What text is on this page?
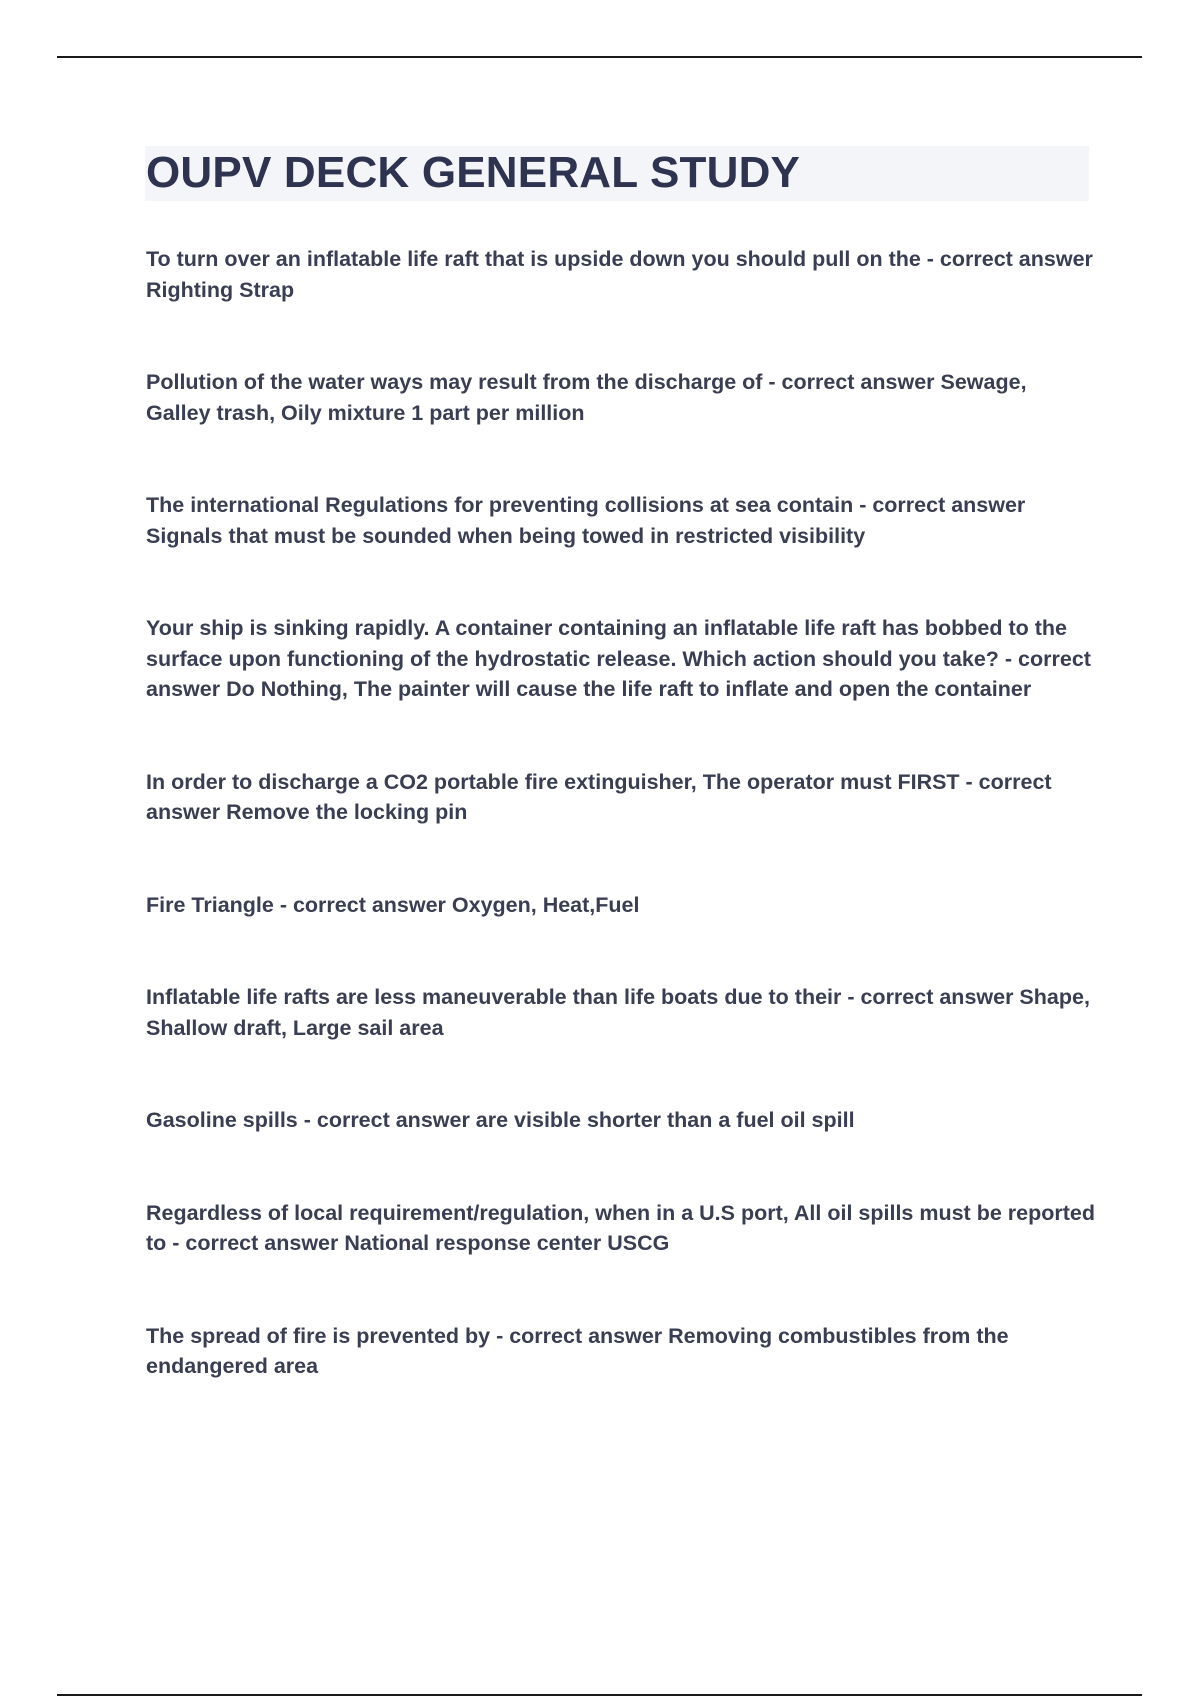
OUPV DECK GENERAL STUDY
To turn over an inflatable life raft that is upside down you should pull on the - correct answer Righting Strap
Pollution of the water ways may result from the discharge of - correct answer Sewage, Galley trash, Oily mixture 1 part per million
The international Regulations for preventing collisions at sea contain - correct answer Signals that must be sounded when being towed in restricted visibility
Your ship is sinking rapidly. A container containing an inflatable life raft has bobbed to the surface upon functioning of the hydrostatic release. Which action should you take? - correct answer Do Nothing, The painter will cause the life raft to inflate and open the container
In order to discharge a CO2 portable fire extinguisher, The operator must FIRST - correct answer Remove the locking pin
Fire Triangle - correct answer Oxygen, Heat,Fuel
Inflatable life rafts are less maneuverable than life boats due to their - correct answer Shape, Shallow draft, Large sail area
Gasoline spills - correct answer are visible shorter than a fuel oil spill
Regardless of local requirement/regulation, when in a U.S port, All oil spills must be reported to - correct answer National response center USCG
The spread of fire is prevented by - correct answer Removing combustibles from the endangered area
